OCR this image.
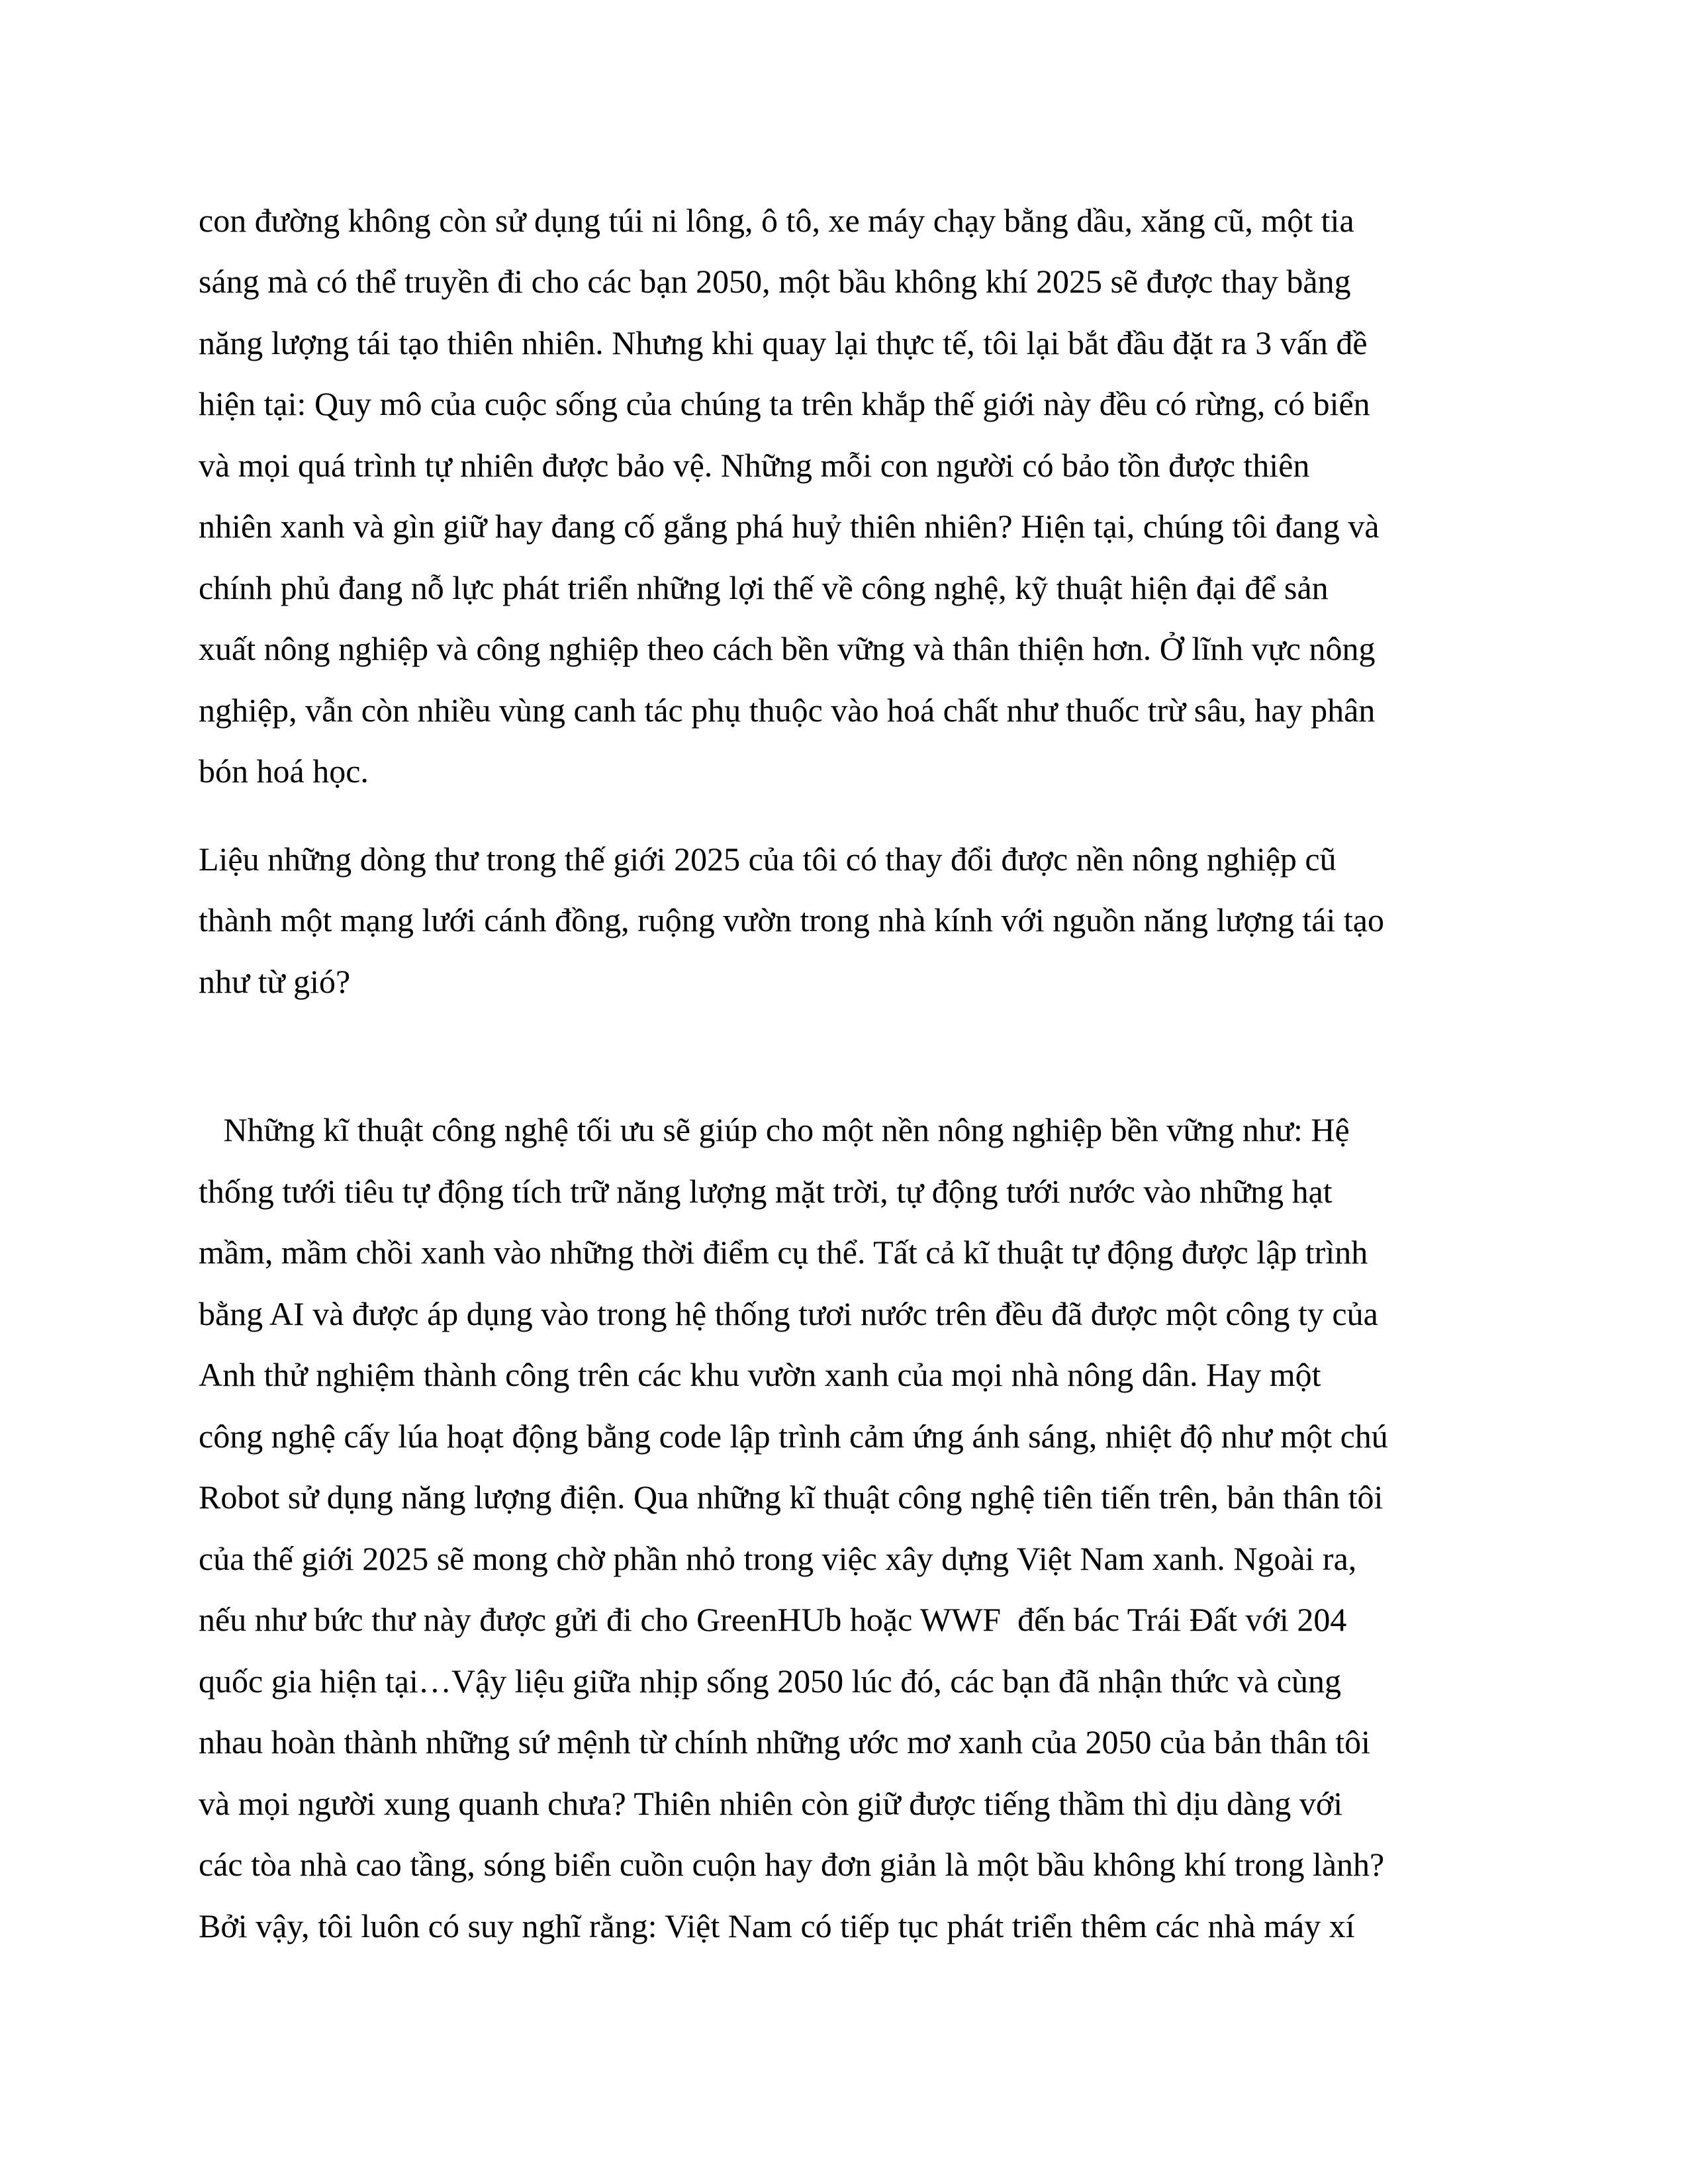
con đường không còn sử dụng túi ni lông, ô tô, xe máy chạy bằng dầu, xăng cũ, một tia

sáng mà có thể truyền đi cho các bạn 2050, một bầu không khí 2025 sẽ được thay bằng

năng lượng tái tạo thiên nhiên. Nhưng khi quay lại thực tế, tôi lại bắt đầu đặt ra 3 vấn đề

hiện tại: Quy mô của cuộc sống của chúng ta trên khắp thế giới này đều có rừng, có biển

và mọi quá trình tự nhiên được bảo vệ. Những mỗi con người có bảo tồn được thiên

nhiên xanh và gìn giữ hay đang cố gắng phá huỷ thiên nhiên? Hiện tại, chúng tôi đang và

chính phủ đang nỗ lực phát triển những lợi thế về công nghệ, kỹ thuật hiện đại để sản

xuất nông nghiệp và công nghiệp theo cách bền vững và thân thiện hơn. Ở lĩnh vực nông

nghiệp, vẫn còn nhiều vùng canh tác phụ thuộc vào hoá chất như thuốc trừ sâu, hay phân

bón hoá học.

Liệu những dòng thư trong thế giới 2025 của tôi có thay đổi được nền nông nghiệp cũ

thành một mạng lưới cánh đồng, ruộng vườn trong nhà kính với nguồn năng lượng tái tạo

như từ gió?

Những kĩ thuật công nghệ tối ưu sẽ giúp cho một nền nông nghiệp bền vững như: Hệ

thống tưới tiêu tự động tích trữ năng lượng mặt trời, tự động tưới nước vào những hạt

mầm, mầm chồi xanh vào những thời điểm cụ thể. Tất cả kĩ thuật tự động được lập trình

bằng AI và được áp dụng vào trong hệ thống tươi nước trên đều đã được một công ty của

Anh thử nghiệm thành công trên các khu vườn xanh của mọi nhà nông dân. Hay một

công nghệ cấy lúa hoạt động bằng code lập trình cảm ứng ánh sáng, nhiệt độ như một chú

Robot sử dụng năng lượng điện. Qua những kĩ thuật công nghệ tiên tiến trên, bản thân tôi

của thế giới 2025 sẽ mong chờ phần nhỏ trong việc xây dựng Việt Nam xanh. Ngoài ra,

nếu như bức thư này được gửi đi cho GreenHUb hoặc WWF  đến bác Trái Đất với 204

quốc gia hiện tại…Vậy liệu giữa nhịp sống 2050 lúc đó, các bạn đã nhận thức và cùng

nhau hoàn thành những sứ mệnh từ chính những ước mơ xanh của 2050 của bản thân tôi

và mọi người xung quanh chưa? Thiên nhiên còn giữ được tiếng thầm thì dịu dàng với

các tòa nhà cao tầng, sóng biển cuồn cuộn hay đơn giản là một bầu không khí trong lành?

Bởi vậy, tôi luôn có suy nghĩ rằng: Việt Nam có tiếp tục phát triển thêm các nhà máy xí
